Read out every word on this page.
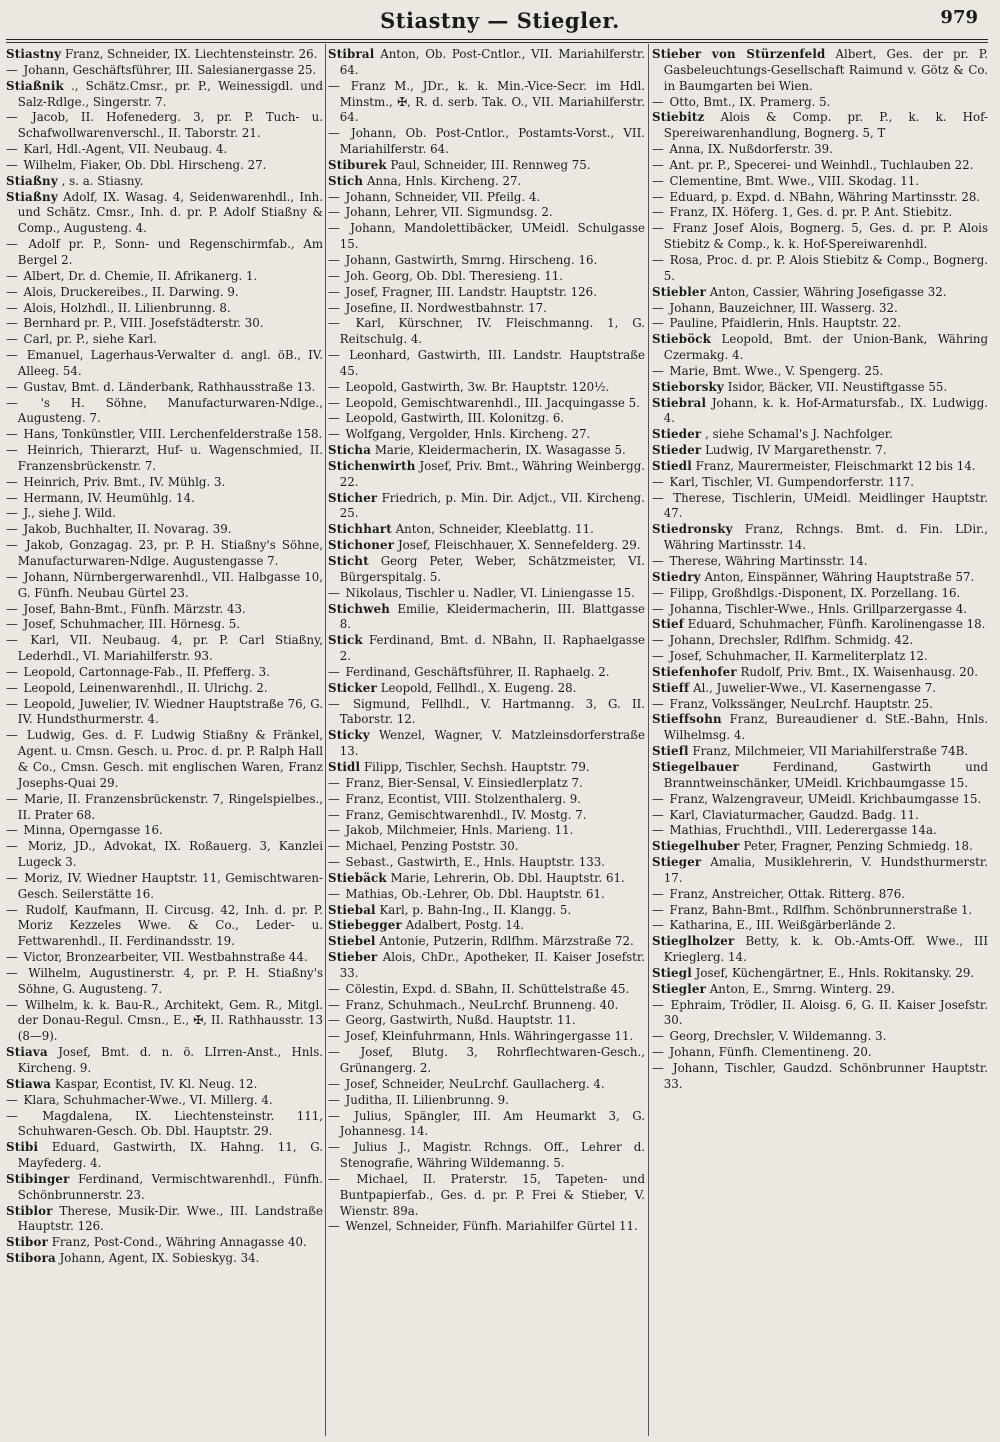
Stiastny — Stiegler.	979

Stiastny Franz, Schneider, IX. Liechtensteinstr. 26.

— Johann, Geschäftsführer, III. Salesianergasse 25.

Stiaßnik ., Schätz.Cmsr., pr. P., Weinessigdl. und Salz-Rdlge., Singerstr. 7.

— Jacob, II. Hofenederg. 3, pr. P. Tuch- u. Schafwollwarenverschl., II. Taborstr. 21.

— Karl, Hdl.-Agent, VII. Neubaug. 4.

— Wilhelm, Fiaker, Ob. Dbl. Hirscheng. 27.

Stiaßny , s. a. Stiasny.

Stiaßny Adolf, IX. Wasag. 4, Seidenwarenhdl., Inh. und Schätz. Cmsr., Inh. d. pr. P. Adolf Stiaßny & Comp., Augusteng. 4.

— Adolf pr. P., Sonn- und Regenschirmfab., Am Bergel 2.

— Albert, Dr. d. Chemie, II. Afrikanerg. 1.

— Alois, Druckereibes., II. Darwing. 9.

— Alois, Holzhdl., II. Lilienbrunng. 8.

— Bernhard pr. P., VIII. Josefstädterstr. 30.

— Carl, pr. P., siehe Karl.

— Emanuel, Lagerhaus-Verwalter d. angl. öB., IV. Alleeg. 54.

— Gustav, Bmt. d. Länderbank, Rathhausstraße 13.

— 's H. Söhne, Manufacturwaren-Ndlge., Augusteng. 7.

— Hans, Tonkünstler, VIII. Lerchenfelderstraße 158.

— Heinrich, Thierarzt, Huf- u. Wagenschmied, II. Franzensbrückenstr. 7.

— Heinrich, Priv. Bmt., IV. Mühlg. 3.

— Hermann, IV. Heumühlg. 14.

— J., siehe J. Wild.

— Jakob, Buchhalter, II. Novarag. 39.

— Jakob, Gonzagag. 23, pr. P. H. Stiaßny's Söhne, Manufacturwaren-Ndlge. Augustengasse 7.

— Johann, Nürnbergerwarenhdl., VII. Halbgasse 10, G. Fünfh. Neubau Gürtel 23.

— Josef, Bahn-Bmt., Fünfh. Märzstr. 43.

— Josef, Schuhmacher, III. Hörnesg. 5.

— Karl, VII. Neubaug. 4, pr. P. Carl Stiaßny, Lederhdl., VI. Mariahilferstr. 93.

— Leopold, Cartonnage-Fab., II. Pfefferg. 3.

— Leopold, Leinenwarenhdl., II. Ulrichg. 2.

— Leopold, Juwelier, IV. Wiedner Hauptstraße 76, G. IV. Hundsthurmerstr. 4.

— Ludwig, Ges. d. F. Ludwig Stiaßny & Fränkel, Agent. u. Cmsn. Gesch. u. Proc. d. pr. P. Ralph Hall & Co., Cmsn. Gesch. mit englischen Waren, Franz Josephs-Quai 29.

— Marie, II. Franzensbrückenstr. 7, Ringelspielbes., II. Prater 68.

— Minna, Operngasse 16.

— Moriz, JD., Advokat, IX. Roßauerg. 3, Kanzlei Lugeck 3.

— Moriz, IV. Wiedner Hauptstr. 11, Gemischtwaren-Gesch. Seilerstätte 16.

— Rudolf, Kaufmann, II. Circusg. 42, Inh. d. pr. P. Moriz Kezzeles Wwe. & Co., Leder- u. Fettwarenhdl., II. Ferdinandsstr. 19.

— Victor, Bronzearbeiter, VII. Westbahnstraße 44.

— Wilhelm, Augustinerstr. 4, pr. P. H. Stiaßny's Söhne, G. Augusteng. 7.

— Wilhelm, k. k. Bau-R., Architekt, Gem. R., Mitgl. der Donau-Regul. Cmsn., E., ✠, II. Rathhausstr. 13 (8—9).

Stiava Josef, Bmt. d. n. ö. LIrren-Anst., Hnls. Kircheng. 9.

Stiawa Kaspar, Econtist, IV. Kl. Neug. 12.

— Klara, Schuhmacher-Wwe., VI. Millerg. 4.

— Magdalena, IX. Liechtensteinstr. 111, Schuhwaren-Gesch. Ob. Dbl. Hauptstr. 29.

Stibi Eduard, Gastwirth, IX. Hahng. 11, G. Mayfederg. 4.

Stibinger Ferdinand, Vermischtwarenhdl., Fünfh. Schönbrunnerstr. 23.

Stiblor Therese, Musik-Dir. Wwe., III. Landstraße Hauptstr. 126.

Stibor Franz, Post-Cond., Währing Annagasse 40.

Stibora Johann, Agent, IX. Sobieskyg. 34.

Stibral Anton, Ob. Post-Cntlor., VII. Mariahilferstr. 64.

— Franz M., JDr., k. k. Min.-Vice-Secr. im Hdl. Minstm., ✠, R. d. serb. Tak. O., VII. Mariahilferstr. 64.

— Johann, Ob. Post-Cntlor., Postamts-Vorst., VII. Mariahilferstr. 64.

Stiburek Paul, Schneider, III. Rennweg 75.

Stich Anna, Hnls. Kircheng. 27.

— Johann, Schneider, VII. Pfeilg. 4.

— Johann, Lehrer, VII. Sigmundsg. 2.

— Johann, Mandolettibäcker, UMeidl. Schulgasse 15.

— Johann, Gastwirth, Smrng. Hirscheng. 16.

— Joh. Georg, Ob. Dbl. Theresieng. 11.

— Josef, Fragner, III. Landstr. Hauptstr. 126.

— Josefine, II. Nordwestbahnstr. 17.

— Karl, Kürschner, IV. Fleischmanng. 1, G. Reitschulg. 4.

— Leonhard, Gastwirth, III. Landstr. Hauptstraße 45.

— Leopold, Gastwirth, 3w. Br. Hauptstr. 120½.

— Leopold, Gemischtwarenhdl., III. Jacquingasse 5.

— Leopold, Gastwirth, III. Kolonitzg. 6.

— Wolfgang, Vergolder, Hnls. Kircheng. 27.

Sticha Marie, Kleidermacherin, IX. Wasagasse 5.

Stichenwirth Josef, Priv. Bmt., Währing Weinbergg. 22.

Sticher Friedrich, p. Min. Dir. Adjct., VII. Kircheng. 25.

Stichhart Anton, Schneider, Kleeblattg. 11.

Stichoner Josef, Fleischhauer, X. Sennefelderg. 29.

Sticht Georg Peter, Weber, Schätzmeister, VI. Bürgerspitalg. 5.

— Nikolaus, Tischler u. Nadler, VI. Liniengasse 15.

Stichweh Emilie, Kleidermacherin, III. Blattgasse 8.

Stick Ferdinand, Bmt. d. NBahn, II. Raphaelgasse 2.

— Ferdinand, Geschäftsführer, II. Raphaelg. 2.

Sticker Leopold, Fellhdl., X. Eugeng. 28.

— Sigmund, Fellhdl., V. Hartmanng. 3, G. II. Taborstr. 12.

Sticky Wenzel, Wagner, V. Matzleinsdorferstraße 13.

Stidl Filipp, Tischler, Sechsh. Hauptstr. 79.

— Franz, Bier-Sensal, V. Einsiedlerplatz 7.

— Franz, Econtist, VIII. Stolzenthalerg. 9.

— Franz, Gemischtwarenhdl., IV. Mostg. 7.

— Jakob, Milchmeier, Hnls. Marieng. 11.

— Michael, Penzing Poststr. 30.

— Sebast., Gastwirth, E., Hnls. Hauptstr. 133.

Stiebäck Marie, Lehrerin, Ob. Dbl. Hauptstr. 61.

— Mathias, Ob.-Lehrer, Ob. Dbl. Hauptstr. 61.

Stiebal Karl, p. Bahn-Ing., II. Klangg. 5.

Stiebegger Adalbert, Postg. 14.

Stiebel Antonie, Putzerin, Rdlfhm. Märzstraße 72.

Stieber Alois, ChDr., Apotheker, II. Kaiser Josefstr. 33.

— Cölestin, Expd. d. SBahn, II. Schüttelstraße 45.

— Franz, Schuhmach., NeuLrchf. Brunneng. 40.

— Georg, Gastwirth, Nußd. Hauptstr. 11.

— Josef, Kleinfuhrmann, Hnls. Währingergasse 11.

— Josef, Blutg. 3, Rohrflechtwaren-Gesch., Grünangerg. 2.

— Josef, Schneider, NeuLrchf. Gaullacherg. 4.

— Juditha, II. Lilienbrunng. 9.

— Julius, Spängler, III. Am Heumarkt 3, G. Johannesg. 14.

— Julius J., Magistr. Rchngs. Off., Lehrer d. Stenografie, Währing Wildemanng. 5.

— Michael, II. Praterstr. 15, Tapeten- und Buntpapierfab., Ges. d. pr. P. Frei & Stieber, V. Wienstr. 89a.

— Wenzel, Schneider, Fünfh. Mariahilfer Gürtel 11.

Stieber von Stürzenfeld Albert, Ges. der pr. P. Gasbeleuchtungs-Gesellschaft Raimund v. Götz & Co. in Baumgarten bei Wien.

— Otto, Bmt., IX. Pramerg. 5.

Stiebitz Alois & Comp. pr. P., k. k. Hof-Spereiwarenhandlung, Bognerg. 5, T

— Anna, IX. Nußdorferstr. 39.

— Ant. pr. P., Specerei- und Weinhdl., Tuchlauben 22.

— Clementine, Bmt. Wwe., VIII. Skodag. 11.

— Eduard, p. Expd. d. NBahn, Währing Martinsstr. 28.

— Franz, IX. Höferg. 1, Ges. d. pr. P. Ant. Stiebitz.

— Franz Josef Alois, Bognerg. 5, Ges. d. pr. P. Alois Stiebitz & Comp., k. k. Hof-Spereiwarenhdl.

— Rosa, Proc. d. pr. P. Alois Stiebitz & Comp., Bognerg. 5.

Stiebler Anton, Cassier, Währing Josefigasse 32.

— Johann, Bauzeichner, III. Wasserg. 32.

— Pauline, Pfaidlerin, Hnls. Hauptstr. 22.

Stieböck Leopold, Bmt. der Union-Bank, Währing Czermakg. 4.

— Marie, Bmt. Wwe., V. Spengerg. 25.

Stieborsky Isidor, Bäcker, VII. Neustiftgasse 55.

Stiebral Johann, k. k. Hof-Armatursfab., IX. Ludwigg. 4.

Stieder , siehe Schamal's J. Nachfolger.

Stieder Ludwig, IV Margarethenstr. 7.

Stiedl Franz, Maurermeister, Fleischmarkt 12 bis 14.

— Karl, Tischler, VI. Gumpendorferstr. 117.

— Therese, Tischlerin, UMeidl. Meidlinger Hauptstr. 47.

Stiedronsky Franz, Rchngs. Bmt. d. Fin. LDir., Währing Martinsstr. 14.

— Therese, Währing Martinsstr. 14.

Stiedry Anton, Einspänner, Währing Hauptstraße 57.

— Filipp, Großhdlgs.-Disponent, IX. Porzellang. 16.

— Johanna, Tischler-Wwe., Hnls. Grillparzergasse 4.

Stief Eduard, Schuhmacher, Fünfh. Karolinengasse 18.

— Johann, Drechsler, Rdlfhm. Schmidg. 42.

— Josef, Schuhmacher, II. Karmeliterplatz 12.

Stiefenhofer Rudolf, Priv. Bmt., IX. Waisenhausg. 20.

Stieff Al., Juwelier-Wwe., VI. Kasernengasse 7.

— Franz, Volkssänger, NeuLrchf. Hauptstr. 25.

Stieffsohn Franz, Bureaudiener d. StE.-Bahn, Hnls. Wilhelmsg. 4.

Stiefl Franz, Milchmeier, VII Mariahilferstraße 74B.

Stiegelbauer	Ferdinand, Gastwirth und Branntweinschänker, UMeidl. Krichbaumgasse 15.

— Franz, Walzengraveur, UMeidl. Krichbaumgasse 15.

— Karl, Claviaturmacher, Gaudzd. Badg. 11.

— Mathias, Fruchthdl., VIII. Lederergasse 14a.

Stiegelhuber Peter, Fragner, Penzing Schmiedg. 18.

Stieger Amalia, Musiklehrerin, V. Hundsthurmerstr. 17.

— Franz, Anstreicher, Ottak. Ritterg. 876.

— Franz, Bahn-Bmt., Rdlfhm. Schönbrunnerstraße 1.

— Katharina, E., III. Weißgärberlände 2.

Stieglholzer Betty, k. k. Ob.-Amts-Off. Wwe., III Krieglerg. 14.

Stiegl Josef, Küchengärtner, E., Hnls. Rokitansky. 29.

Stiegler Anton, E., Smrng. Winterg. 29.

— Ephraim, Trödler, II. Aloisg. 6, G. II. Kaiser Josefstr. 30.

— Georg, Drechsler, V. Wildemanng. 3.

— Johann, Fünfh. Clementineng. 20.

— Johann, Tischler, Gaudzd. Schönbrunner Hauptstr. 33.
